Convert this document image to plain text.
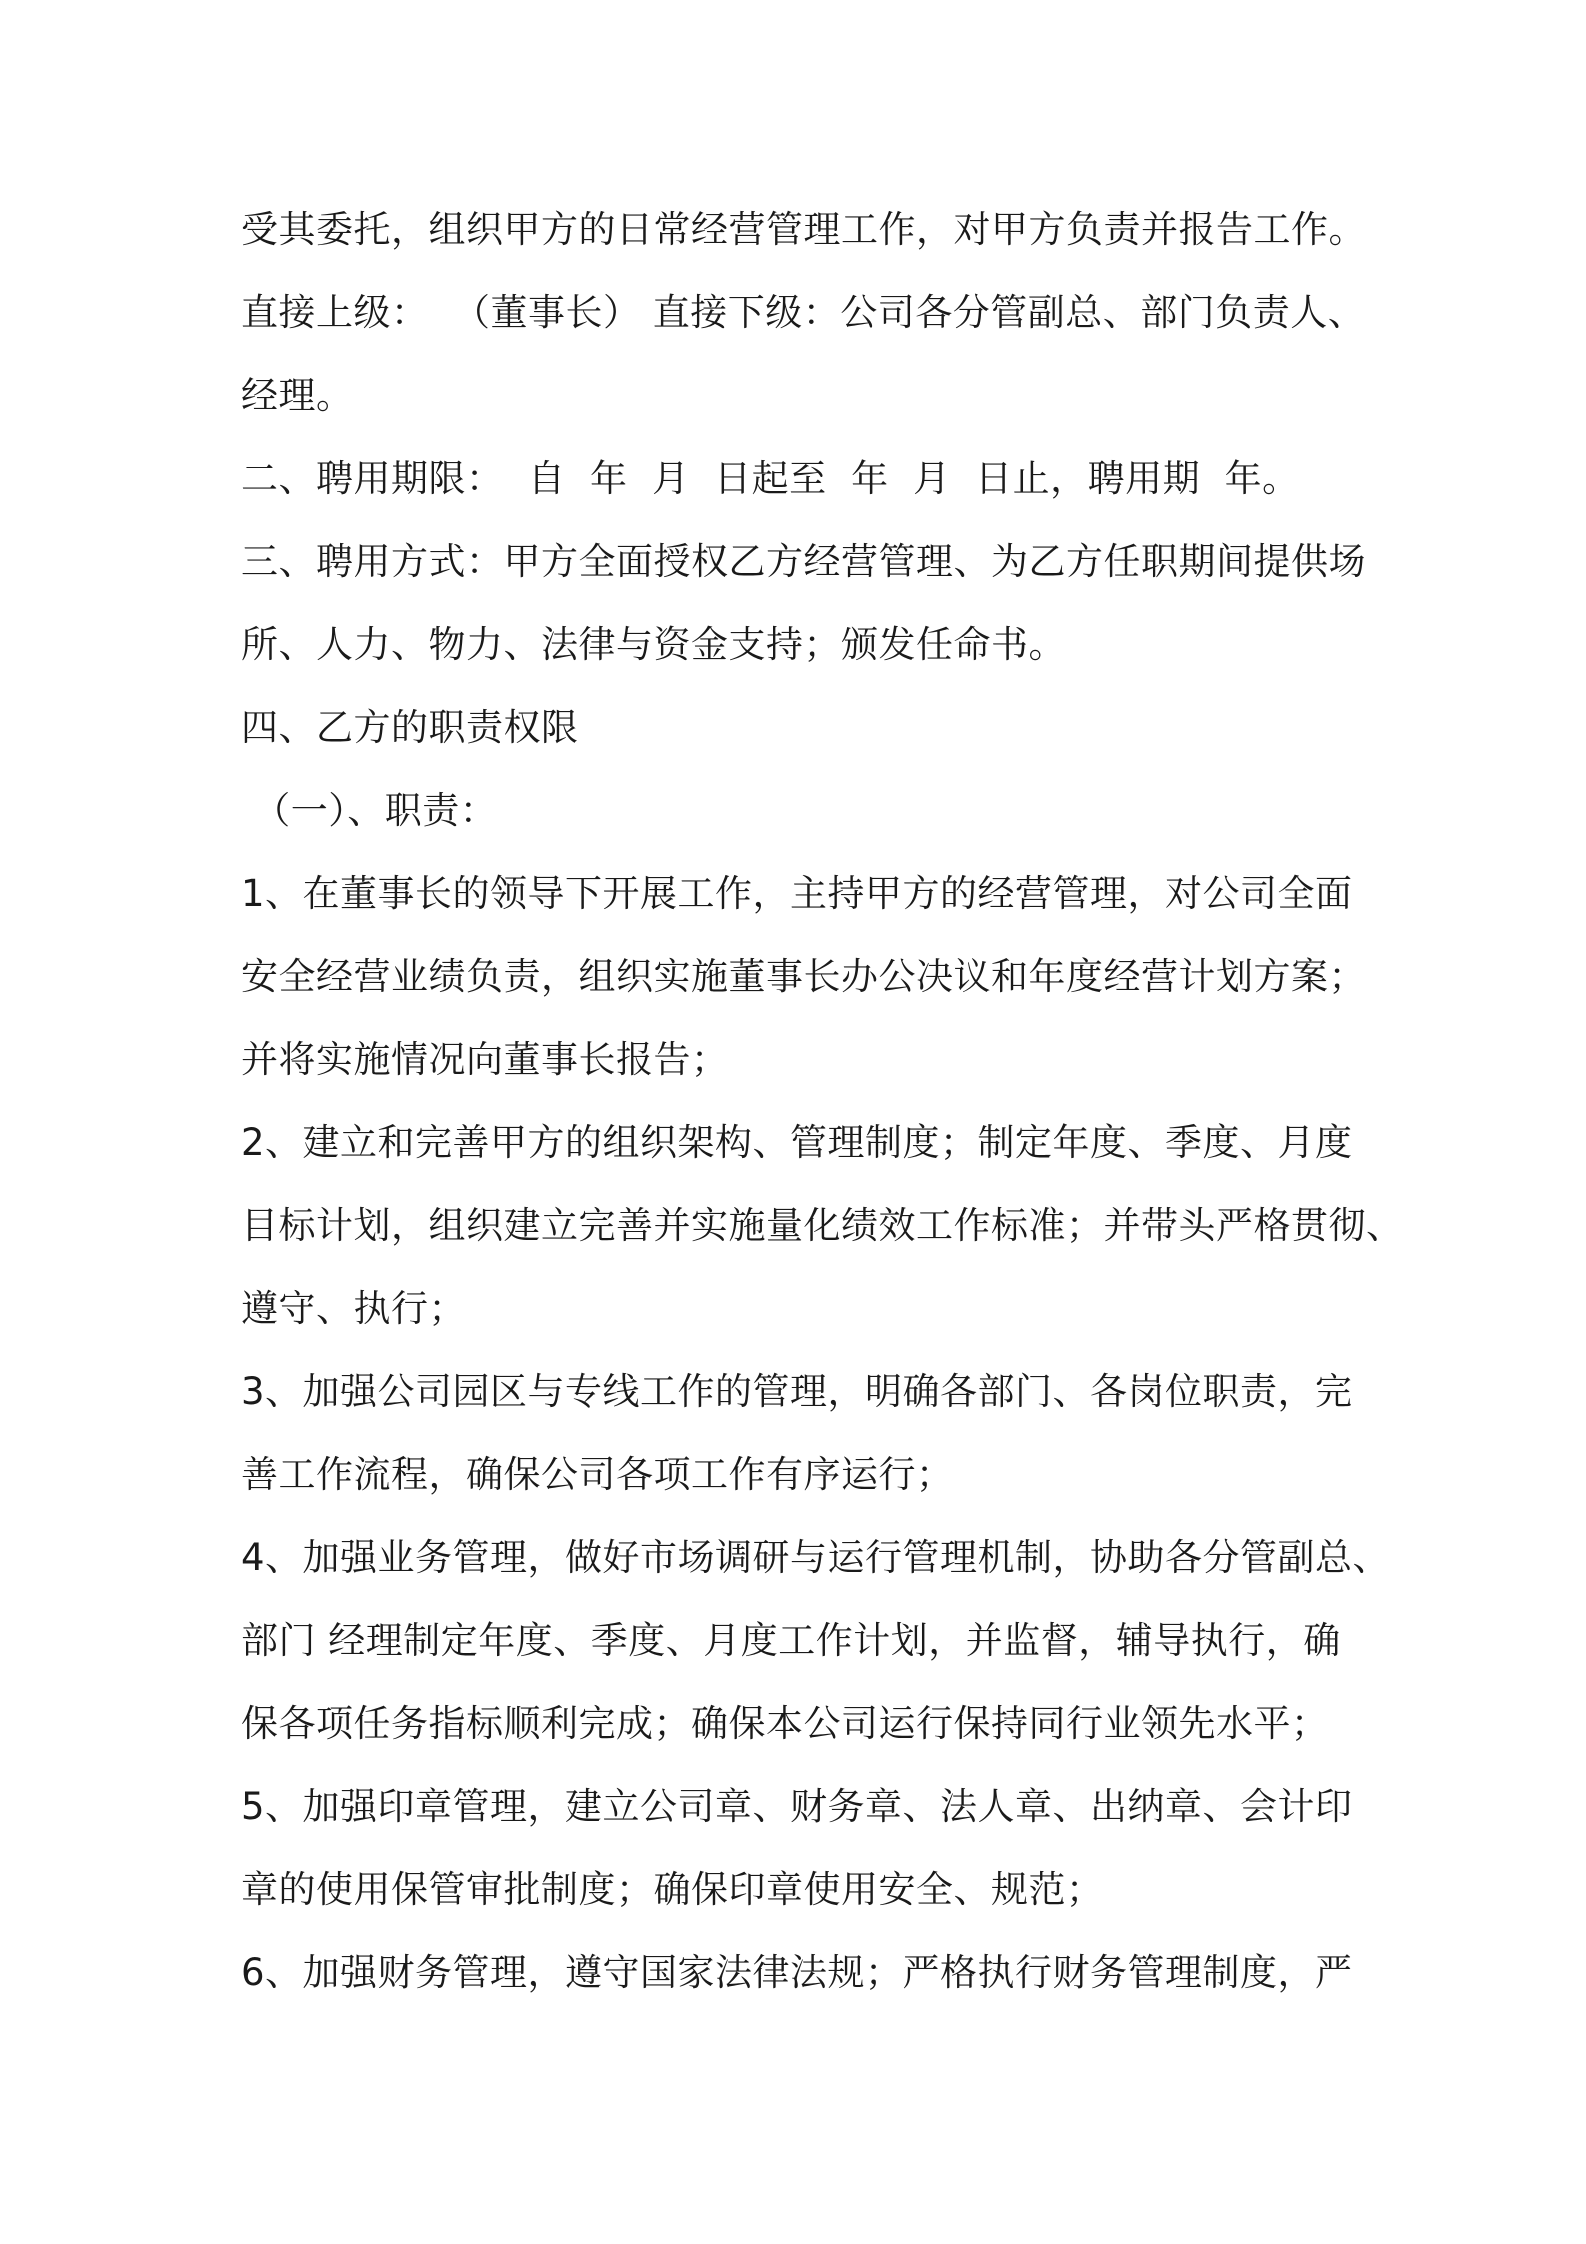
受其委托，组织甲方的日常经营管理工作，对甲方负责并报告工作。
直接上级：  （董事长） 直接下级：公司各分管副总、部门负责人、
经理。
二、聘用期限：  自  年  月  日起至  年  月  日止，聘用期  年。
三、聘用方式：甲方全面授权乙方经营管理、为乙方任职期间提供场
所、人力、物力、法律与资金支持；颁发任命书。
四、乙方的职责权限
（一）、职责：
1、在董事长的领导下开展工作，主持甲方的经营管理，对公司全面
安全经营业绩负责，组织实施董事长办公决议和年度经营计划方案；
并将实施情况向董事长报告；
2、建立和完善甲方的组织架构、管理制度；制定年度、季度、月度
目标计划，组织建立完善并实施量化绩效工作标准；并带头严格贯彻、
遵守、执行；
3、加强公司园区与专线工作的管理，明确各部门、各岗位职责，完
善工作流程，确保公司各项工作有序运行；
4、加强业务管理，做好市场调研与运行管理机制，协助各分管副总、
部门 经理制定年度、季度、月度工作计划，并监督，辅导执行，确
保各项任务指标顺利完成；确保本公司运行保持同行业领先水平；
5、加强印章管理，建立公司章、财务章、法人章、出纳章、会计印
章的使用保管审批制度；确保印章使用安全、规范；
6、加强财务管理，遵守国家法律法规；严格执行财务管理制度，严
